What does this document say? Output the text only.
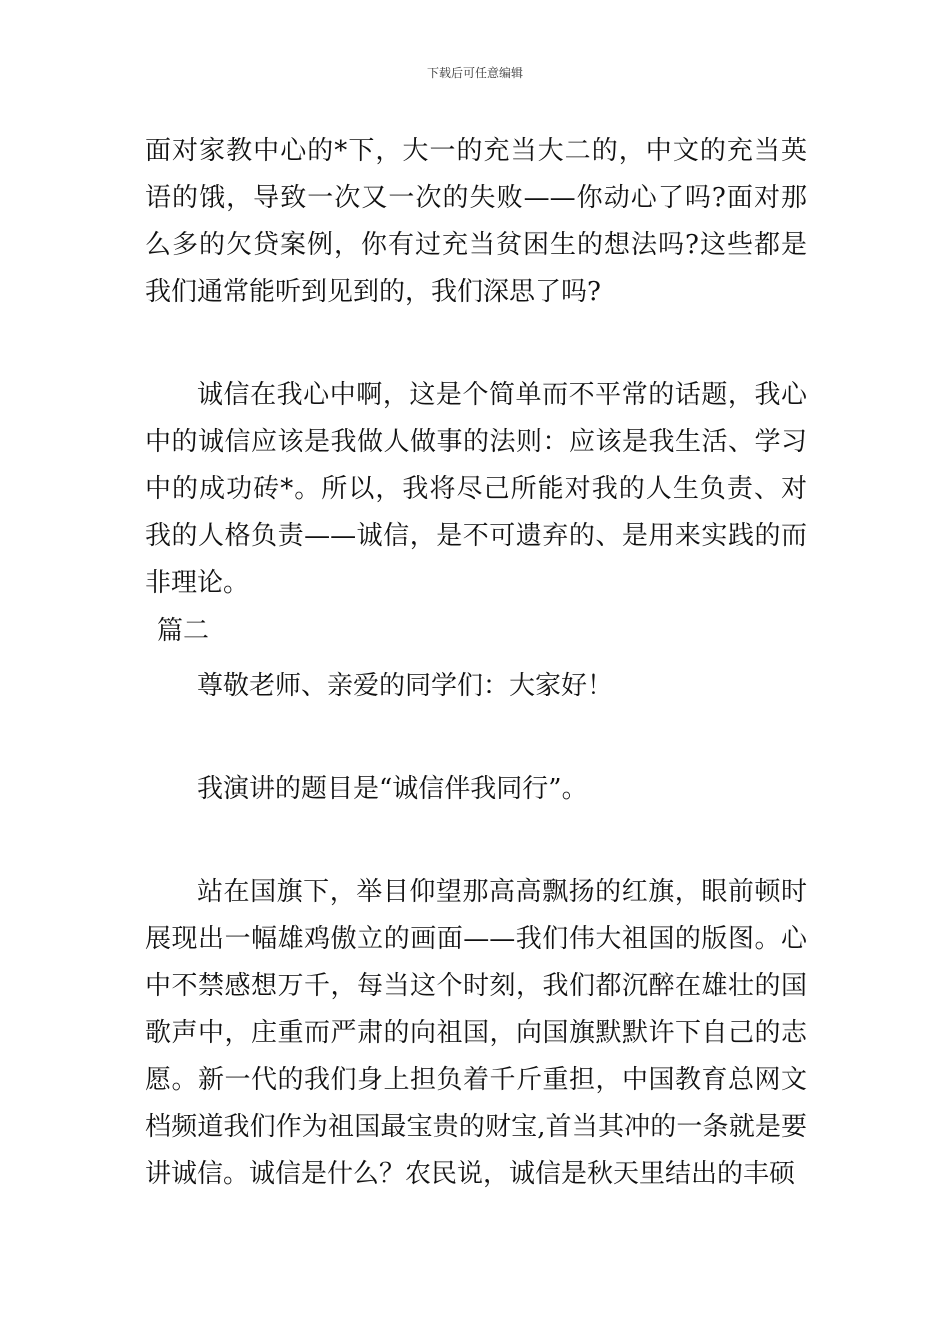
下载后可任意编辑

面对家教中心的*下，大一的充当大二的，中文的充当英语的饿，导致一次又一次的失败——你动心了吗?面对那么多的欠贷案例，你有过充当贫困生的想法吗?这些都是我们通常能听到见到的，我们深思了吗?

诚信在我心中啊，这是个简单而不平常的话题，我心中的诚信应该是我做人做事的法则：应该是我生活、学习中的成功砖*。所以，我将尽己所能对我的人生负责、对我的人格负责——诚信，是不可遗弃的、是用来实践的而非理论。

篇二

尊敬老师、亲爱的同学们：大家好！

我演讲的题目是“诚信伴我同行”。

站在国旗下，举目仰望那高高飘扬的红旗，眼前顿时展现出一幅雄鸡傲立的画面——我们伟大祖国的版图。心中不禁感想万千，每当这个时刻，我们都沉醉在雄壮的国歌声中，庄重而严肃的向祖国，向国旗默默许下自己的志愿。新一代的我们身上担负着千斤重担，中国教育总网文档频道我们作为祖国最宝贵的财宝,首当其冲的一条就是要讲诚信。诚信是什么？农民说，诚信是秋天里结出的丰硕
